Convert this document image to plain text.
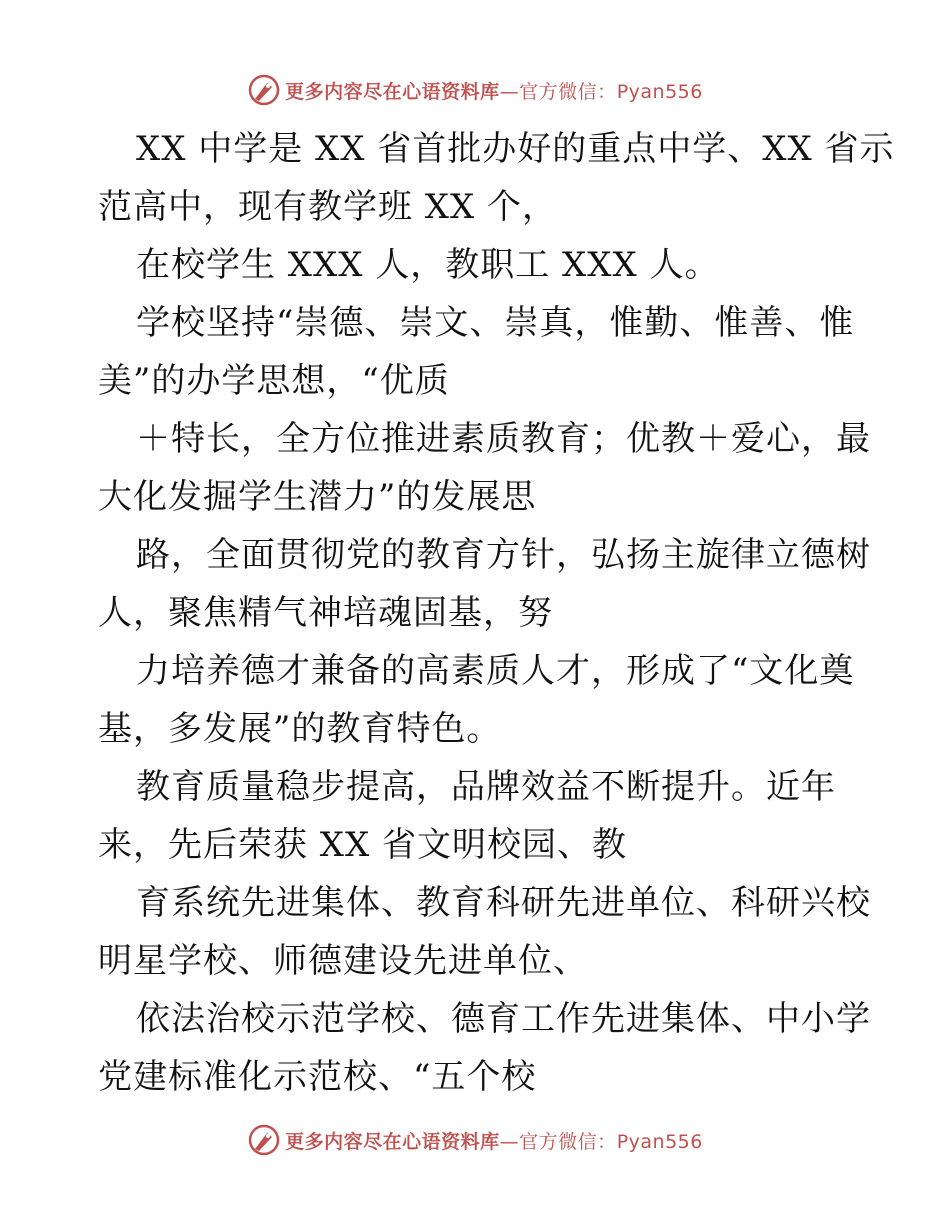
更多内容尽在心语资料库—官方微信：Pyan556
XX 中学是 XX 省首批办好的重点中学、XX 省示
范高中，现有教学班 XX 个，
在校学生 XXX 人，教职工 XXX 人。
学校坚持“崇德、崇文、崇真，惟勤、惟善、惟
美”的办学思想，“优质
＋特长，全方位推进素质教育；优教＋爱心，最
大化发掘学生潜力”的发展思
路，全面贯彻党的教育方针，弘扬主旋律立德树
人，聚焦精气神培魂固基，努
力培养德才兼备的高素质人才，形成了“文化奠
基，多发展”的教育特色。
教育质量稳步提高，品牌效益不断提升。近年
来，先后荣获 XX 省文明校园、教
育系统先进集体、教育科研先进单位、科研兴校
明星学校、师德建设先进单位、
依法治校示范学校、德育工作先进集体、中小学
党建标准化示范校、“五个校
更多内容尽在心语资料库—官方微信：Pyan556
